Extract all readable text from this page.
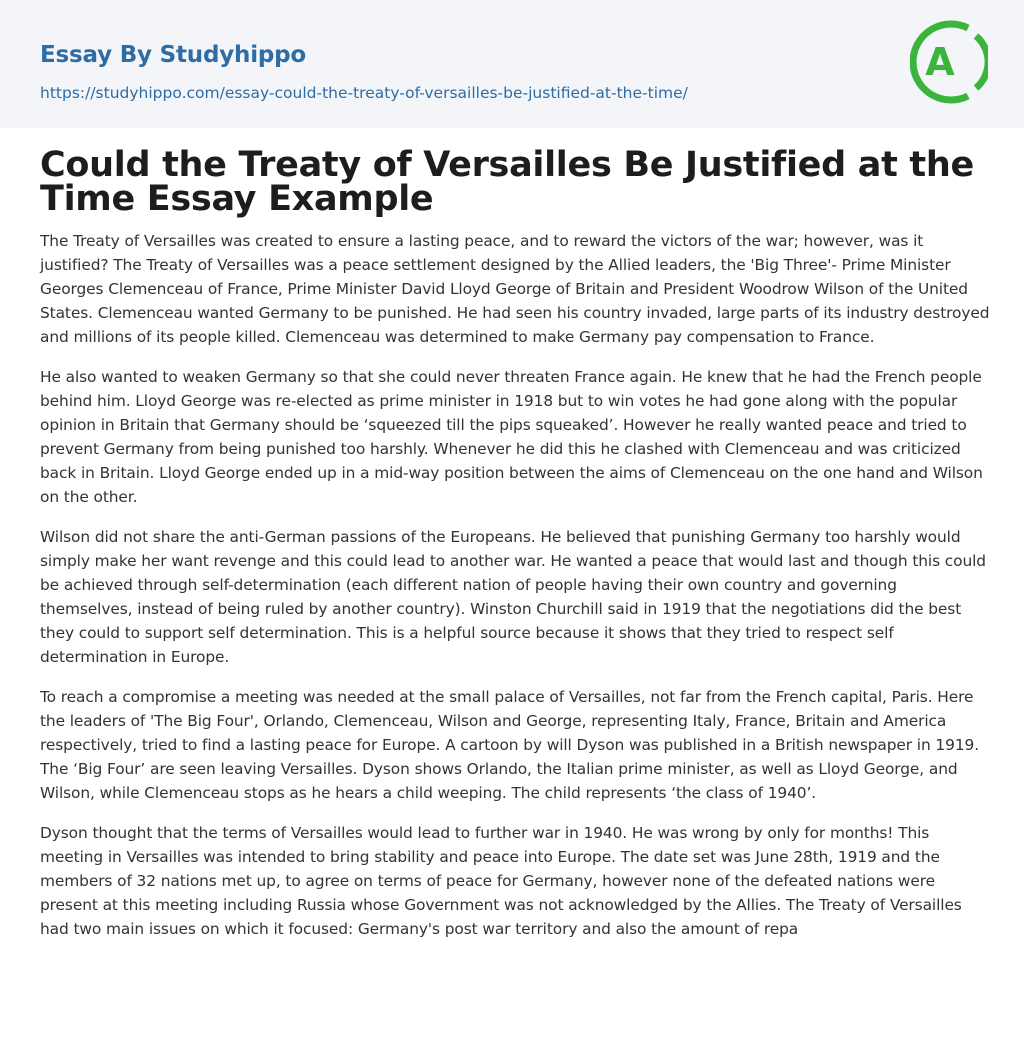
Essay By Studyhippo
https://studyhippo.com/essay-could-the-treaty-of-versailles-be-justified-at-the-time/
A
Could the Treaty of Versailles Be Justified at the Time Essay Example

The Treaty of Versailles was created to ensure a lasting peace, and to reward the victors of the war; however, was it justified? The Treaty of Versailles was a peace settlement designed by the Allied leaders, the 'Big Three'- Prime Minister Georges Clemenceau of France, Prime Minister David Lloyd George of Britain and President Woodrow Wilson of the United States. Clemenceau wanted Germany to be punished. He had seen his country invaded, large parts of its industry destroyed and millions of its people killed. Clemenceau was determined to make Germany pay compensation to France.

He also wanted to weaken Germany so that she could never threaten France again. He knew that he had the French people behind him. Lloyd George was re-elected as prime minister in 1918 but to win votes he had gone along with the popular opinion in Britain that Germany should be ‘squeezed till the pips squeaked’. However he really wanted peace and tried to prevent Germany from being punished too harshly. Whenever he did this he clashed with Clemenceau and was criticized back in Britain. Lloyd George ended up in a mid-way position between the aims of Clemenceau on the one hand and Wilson on the other.

Wilson did not share the anti-German passions of the Europeans. He believed that punishing Germany too harshly would simply make her want revenge and this could lead to another war. He wanted a peace that would last and though this could be achieved through self-determination (each different nation of people having their own country and governing themselves, instead of being ruled by another country). Winston Churchill said in 1919 that the negotiations did the best they could to support self determination. This is a helpful source because it shows that they tried to respect self determination in Europe.

To reach a compromise a meeting was needed at the small palace of Versailles, not far from the French capital, Paris. Here the leaders of 'The Big Four', Orlando, Clemenceau, Wilson and George, representing Italy, France, Britain and America respectively, tried to find a lasting peace for Europe. A cartoon by will Dyson was published in a British newspaper in 1919. The ‘Big Four’ are seen leaving Versailles. Dyson shows Orlando, the Italian prime minister, as well as Lloyd George, and Wilson, while Clemenceau stops as he hears a child weeping. The child represents ‘the class of 1940’.

Dyson thought that the terms of Versailles would lead to further war in 1940. He was wrong by only for months! This meeting in Versailles was intended to bring stability and peace into Europe. The date set was June 28th, 1919 and the members of 32 nations met up, to agree on terms of peace for Germany, however none of the defeated nations were present at this meeting including Russia whose Government was not acknowledged by the Allies. The Treaty of Versailles had two main issues on which it focused: Germany's post war territory and also the amount of repa
